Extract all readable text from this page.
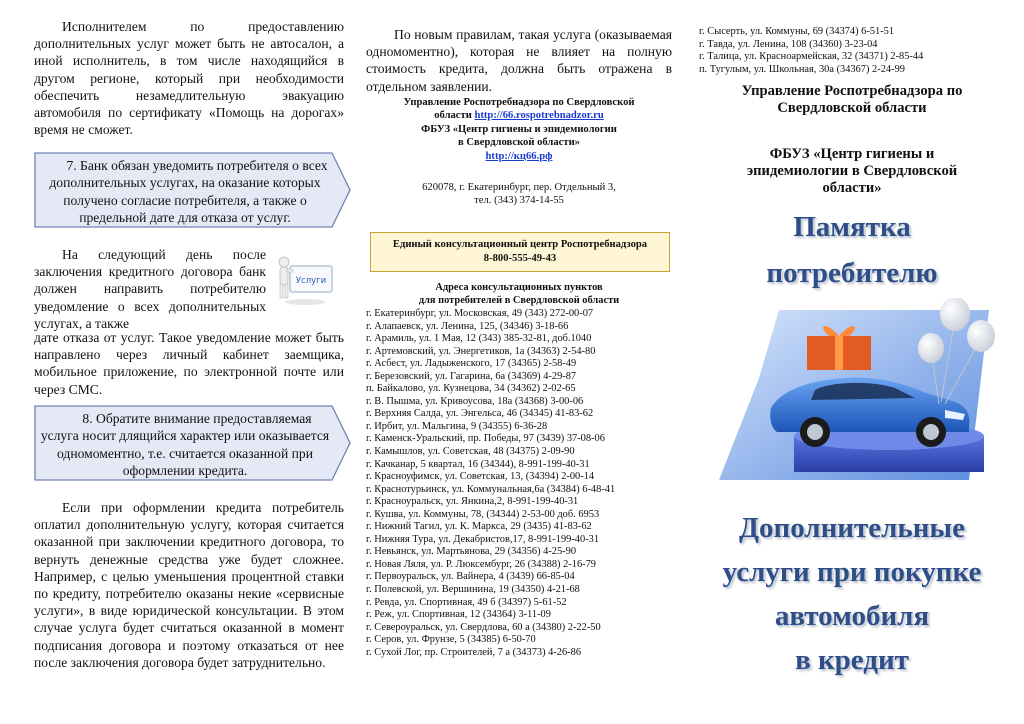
Исполнителем по предоставлению дополнительных услуг может быть не автосалон, а иной исполнитель, в том числе находящийся в другом регионе, который при необходимости обеспечить незамедлительную эвакуацию автомобиля по сертификату «Помощь на дорогах» время не сможет.

7. Банк обязан уведомить потребителя о всех дополнительных услугах, на оказание которых получено согласие потребителя, а также о предельной дате для отказа от услуг.

На следующий день после заключения кредитного договора банк должен направить потребителю уведомление о всех дополнительных услугах, а также

Услуги

дате отказа от услуг. Такое уведомление может быть направлено через личный кабинет заемщика, мобильное приложение, по электронной почте или через СМС.

8. Обратите внимание предоставляемая услуга носит длящийся характер или оказывается одномоментно, т.е. считается оказанной при оформлении кредита.

Если при оформлении кредита потребитель оплатил дополнительную услугу, которая считается оказанной при заключении кредитного договора, то вернуть денежные средства уже будет сложнее. Например, с целью уменьшения процентной ставки по кредиту, потребителю оказаны некие «сервисные услуги», в виде юридической консультации. В этом случае услуга будет считаться оказанной в момент подписания договора и поэтому отказаться от нее после заключения договора будет затруднительно.

По новым правилам, такая услуга (оказываемая одномоментно), которая не влияет на полную стоимость кредита, должна быть отражена в отдельном заявлении.

Управление Роспотребнадзора по Свердловской
области http://66.rospotrebnadzor.ru
ФБУЗ «Центр гигиены и эпидемиологии
в Свердловской области»
http://кц66.рф
620078, г. Екатеринбург, пер. Отдельный 3,
тел. (343) 374-14-55
Единый консультационный центр Роспотребнадзора
8-800-555-49-43
Адреса консультационных пунктов
для потребителей в Свердловской области
г. Екатеринбург, ул. Московская, 49 (343) 272-00-07
г. Алапаевск, ул. Ленина, 125, (34346) 3-18-66
г. Арамиль, ул. 1 Мая, 12 (343) 385-32-81, доб.1040
г. Артемовский, ул. Энергетиков, 1а (34363) 2-54-80
г. Асбест, ул. Ладыженского, 17 (34365) 2-58-49
г. Березовский, ул. Гагарина, 6а (34369) 4-29-87
п. Байкалово, ул. Кузнецова, 34 (34362) 2-02-65
г. В. Пышма, ул. Кривоусова, 18а (34368) 3-00-06
г. Верхняя Салда, ул. Энгельса, 46 (34345) 41-83-62
г. Ирбит, ул. Мальгина, 9 (34355) 6-36-28
г. Каменск-Уральский, пр. Победы, 97 (3439) 37-08-06
г. Камышлов, ул. Советская, 48 (34375) 2-09-90
г. Качканар, 5 квартал, 16 (34344), 8-991-199-40-31
г. Красноуфимск, ул. Советская, 13, (34394) 2-00-14
г. Краснотурьинск, ул. Коммунальная,6а (34384) 6-48-41
г. Красноуральск, ул. Янкина,2, 8-991-199-40-31
г. Кушва, ул. Коммуны, 78, (34344) 2-53-00 доб. 6953
г. Нижний Тагил, ул. К. Маркса, 29 (3435) 41-83-62
г. Нижняя Тура, ул. Декабристов,17, 8-991-199-40-31
г. Невьянск, ул. Мартьянова, 29 (34356) 4-25-90
г. Новая Ляля, ул. Р. Люксембург, 26 (34388) 2-16-79
г. Первоуральск, ул. Вайнера, 4 (3439) 66-85-04
г. Полевской, ул. Вершинина, 19 (34350) 4-21-68
г. Ревда, ул. Спортивная, 49 б (34397) 5-61-52
г. Реж, ул. Спортивная, 12 (34364) 3-11-09
г. Североуральск, ул. Свердлова, 60 а (34380) 2-22-50
г. Серов, ул. Фрунзе, 5 (34385) 6-50-70
г. Сухой Лог, пр. Строителей, 7 а (34373) 4-26-86
г. Сысерть, ул. Коммуны, 69 (34374) 6-51-51
г. Тавда, ул. Ленина, 108 (34360) 3-23-04
г. Талица, ул. Красноармейская, 32 (34371) 2-85-44
п. Тугулым, ул. Школьная, 30а (34367) 2-24-99
Управление Роспотребнадзора по
Свердловской области
ФБУЗ «Центр гигиены и
эпидемиологии в Свердловской
области»
Памятка
потребителю
Дополнительные
услуги при покупке
автомобиля
в кредит
